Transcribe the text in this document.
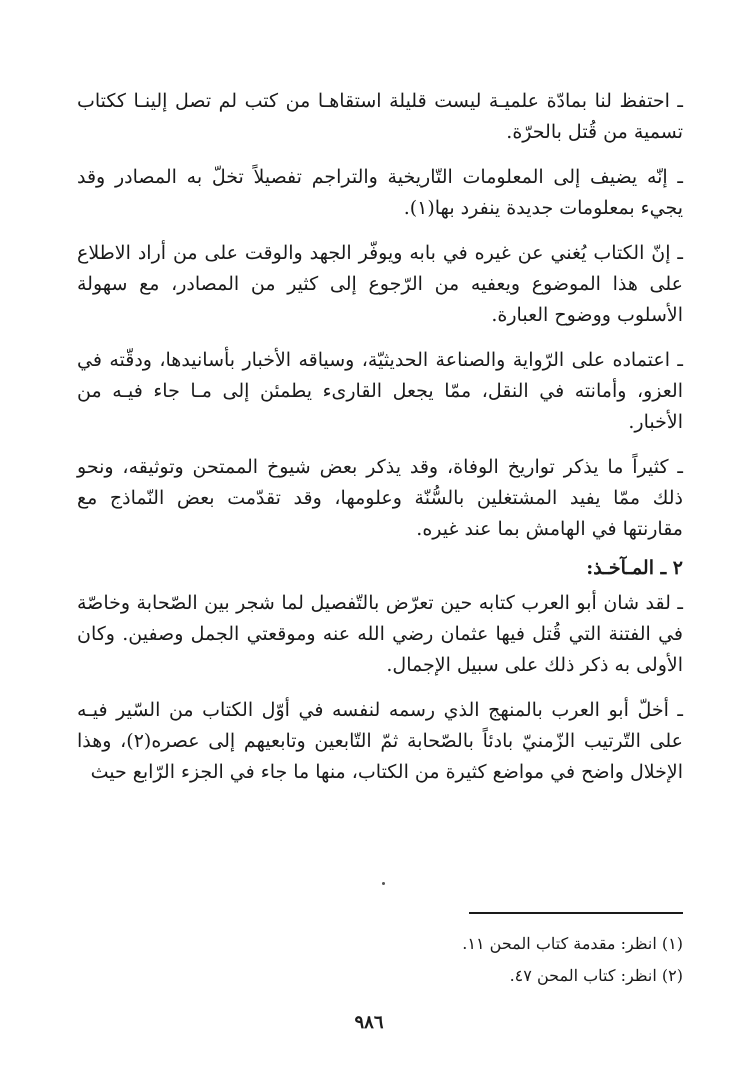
ـ احتفظ لنا بمادّة علميـة ليست قليلة استقاهـا من كتب لم تصل إلينـا ككتاب تسمية من قُتل بالحرّة.

ـ إنّه يضيف إلى المعلومات التّاريخية والتراجم تفصيلاً تخلّ به المصادر وقد يجيء بمعلومات جديدة ينفرد بها(١).

ـ إنّ الكتاب يُغني عن غيره في بابه ويوفّر الجهد والوقت على من أراد الاطلاع على هذا الموضوع ويعفيه من الرّجوع إلى كثير من المصادر، مع سهولة الأسلوب ووضوح العبارة.

ـ اعتماده على الرّواية والصناعة الحديثيّة، وسياقه الأخبار بأسانيدها، ودقّته في العزو، وأمانته في النقل، ممّا يجعل القارىء يطمئن إلى مـا جاء فيـه من الأخبار.

ـ كثيراً ما يذكر تواريخ الوفاة، وقد يذكر بعض شيوخ الممتحن وتوثيقه، ونحو ذلك ممّا يفيد المشتغلين بالسُّنّة وعلومها، وقد تقدّمت بعض النّماذج مع مقارنتها في الهامش بما عند غيره.

٢ ـ المـآخـذ:

ـ لقد شان أبو العرب كتابه حين تعرّض بالتّفصيل لما شجر بين الصّحابة وخاصّة في الفتنة التي قُتل فيها عثمان رضي الله عنه وموقعتي الجمل وصفين. وكان الأولى به ذكر ذلك على سبيل الإجمال.

ـ أخلّ أبو العرب بالمنهج الذي رسمه لنفسه في أوّل الكتاب من السّير فيـه على التّرتيب الزّمنيّ بادئاً بالصّحابة ثمّ التّابعين وتابعيهم إلى عصره(٢)، وهذا الإخلال واضح في مواضع كثيرة من الكتاب، منها ما جاء في الجزء الرّابع حيث

(١) انظر: مقدمة كتاب المحن ١١.

(٢) انظر: كتاب المحن ٤٧.

٩٨٦
